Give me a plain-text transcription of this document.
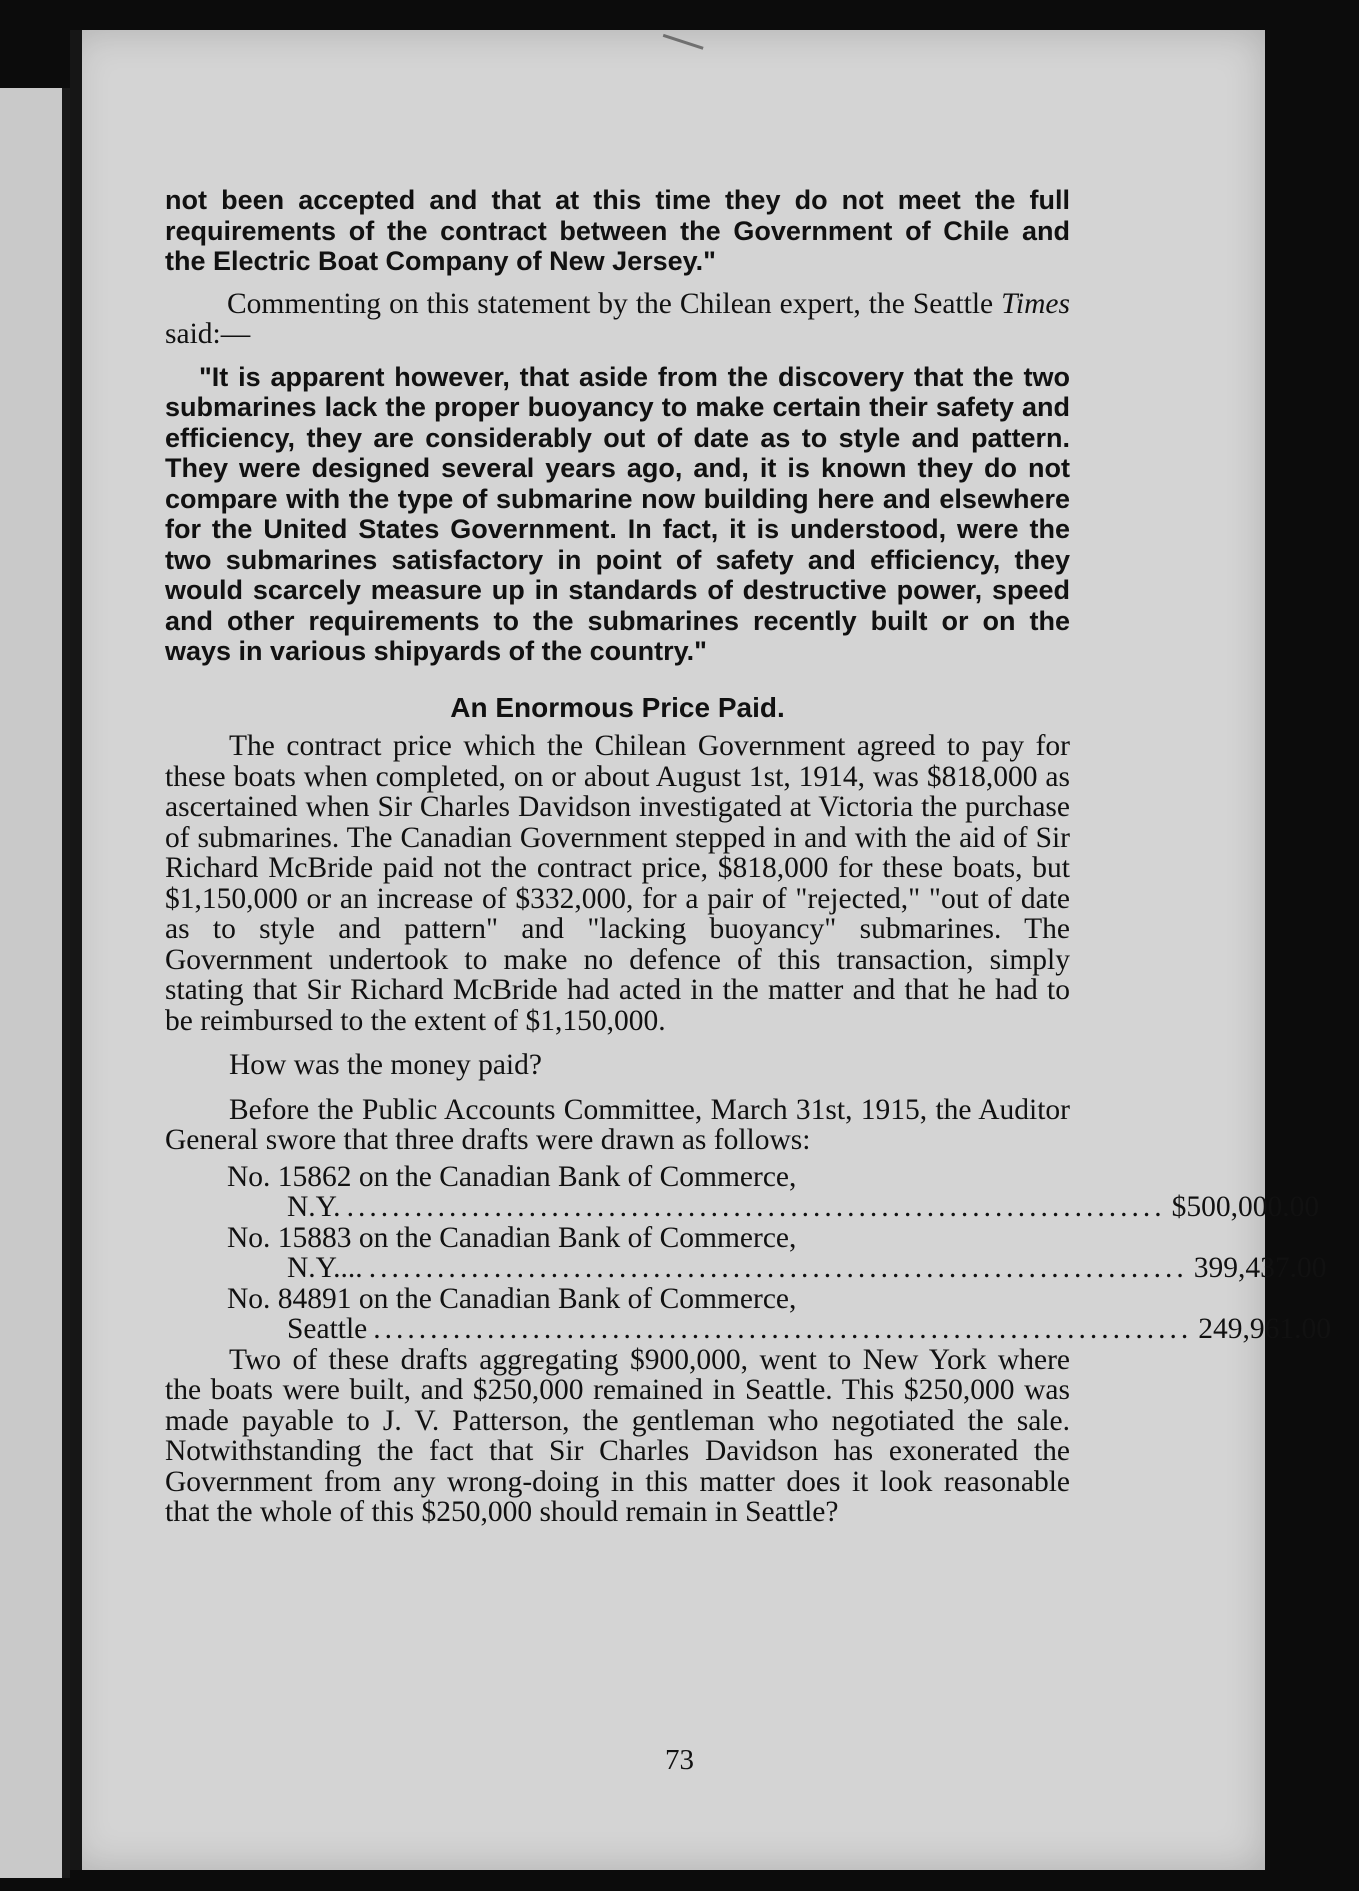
not been accepted and that at this time they do not meet the full requirements of the contract between the Government of Chile and the Electric Boat Company of New Jersey."

Commenting on this statement by the Chilean expert, the Seattle Times said:—

"It is apparent however, that aside from the discovery that the two submarines lack the proper buoyancy to make certain their safety and efficiency, they are considerably out of date as to style and pattern. They were designed several years ago, and, it is known they do not compare with the type of submarine now building here and elsewhere for the United States Government. In fact, it is understood, were the two submarines satisfactory in point of safety and efficiency, they would scarcely measure up in standards of destructive power, speed and other requirements to the submarines recently built or on the ways in various shipyards of the country."

An Enormous Price Paid.

The contract price which the Chilean Government agreed to pay for these boats when completed, on or about August 1st, 1914, was $818,000 as ascertained when Sir Charles Davidson investigated at Victoria the purchase of submarines. The Canadian Government stepped in and with the aid of Sir Richard McBride paid not the contract price, $818,000 for these boats, but $1,150,000 or an increase of $332,000, for a pair of "rejected," "out of date as to style and pattern" and "lacking buoyancy" submarines. The Government undertook to make no defence of this transaction, simply stating that Sir Richard McBride had acted in the matter and that he had to be reimbursed to the extent of $1,150,000.

How was the money paid?

Before the Public Accounts Committee, March 31st, 1915, the Auditor General swore that three drafts were drawn as follows:

No. 15862 on the Canadian Bank of Commerce,
N.Y. ........................................................................ $500,000.00
No. 15883 on the Canadian Bank of Commerce,
N.Y.... ........................................................................ 399,437.00
No. 84891 on the Canadian Bank of Commerce,
Seattle ........................................................................ 249,961.00

Two of these drafts aggregating $900,000, went to New York where the boats were built, and $250,000 remained in Seattle. This $250,000 was made payable to J. V. Patterson, the gentleman who negotiated the sale. Notwithstanding the fact that Sir Charles Davidson has exonerated the Government from any wrong-doing in this matter does it look reasonable that the whole of this $250,000 should remain in Seattle?

73
